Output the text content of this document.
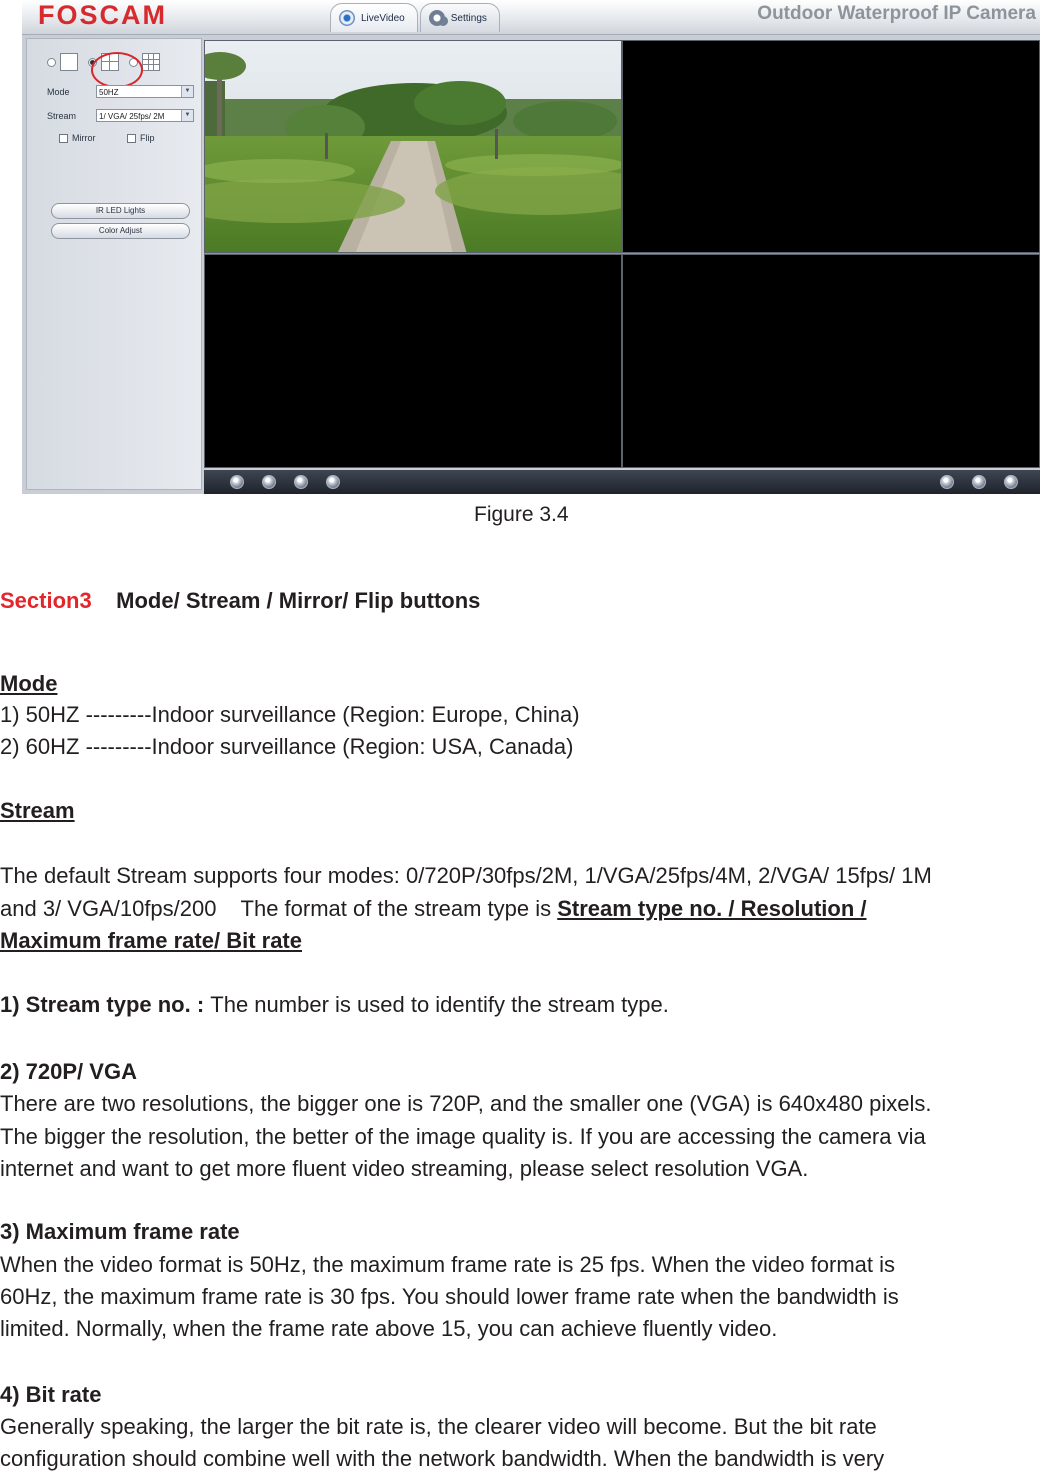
FOSCAM	LiveVideo	Settings	Outdoor Waterproof IP Camera
Mode	50HZ	▼
Stream	1/ VGA/ 25fps/ 2M	▼
Mirror	Flip
IR LED Lights
Color Adjust
Figure 3.4
Section3 Mode/ Stream / Mirror/ Flip buttons
Mode
1) 50HZ ---------Indoor surveillance (Region: Europe, China)
2) 60HZ ---------Indoor surveillance (Region: USA, Canada)
Stream
The default Stream supports four modes: 0/720P/30fps/2M, 1/VGA/25fps/4M, 2/VGA/ 15fps/ 1M
and 3/ VGA/10fps/200    The format of the stream type is Stream type no. / Resolution /
Maximum frame rate/ Bit rate
1) Stream type no. : The number is used to identify the stream type.
2) 720P/ VGA
There are two resolutions, the bigger one is 720P, and the smaller one (VGA) is 640x480 pixels.
The bigger the resolution, the better of the image quality is. If you are accessing the camera via
internet and want to get more fluent video streaming, please select resolution VGA.
3) Maximum frame rate
When the video format is 50Hz, the maximum frame rate is 25 fps. When the video format is
60Hz, the maximum frame rate is 30 fps. You should lower frame rate when the bandwidth is
limited. Normally, when the frame rate above 15, you can achieve fluently video.
4) Bit rate
Generally speaking, the larger the bit rate is, the clearer video will become. But the bit rate
configuration should combine well with the network bandwidth. When the bandwidth is very
